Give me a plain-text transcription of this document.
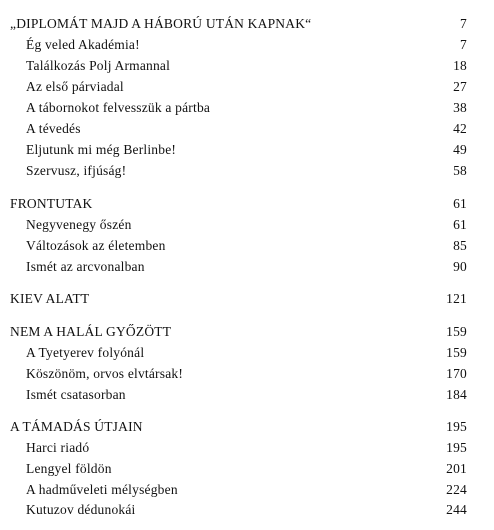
„DIPLOMÁT MAJD A HÁBORÚ UTÁN KAPNAK“	7
Ég veled Akadémia!	7
Találkozás Polj Armannal	18
Az első párviadal	27
A tábornokot felvesszük a pártba	38
A tévedés	42
Eljutunk mi még Berlinbe!	49
Szervusz, ifjúság!	58
FRONTUTAK	61
Negyvenegy őszén	61
Változások az életemben	85
Ismét az arcvonalban	90
KIEV ALATT	121
NEM A HALÁL GYŐZÖTT	159
A Tyetyerev folyónál	159
Köszönöm, orvos elvtársak!	170
Ismét csatasorban	184
A TÁMADÁS ÚTJAIN	195
Harci riadó	195
Lengyel földön	201
A hadműveleti mélységben	224
Kutuzov dédunokái	244
